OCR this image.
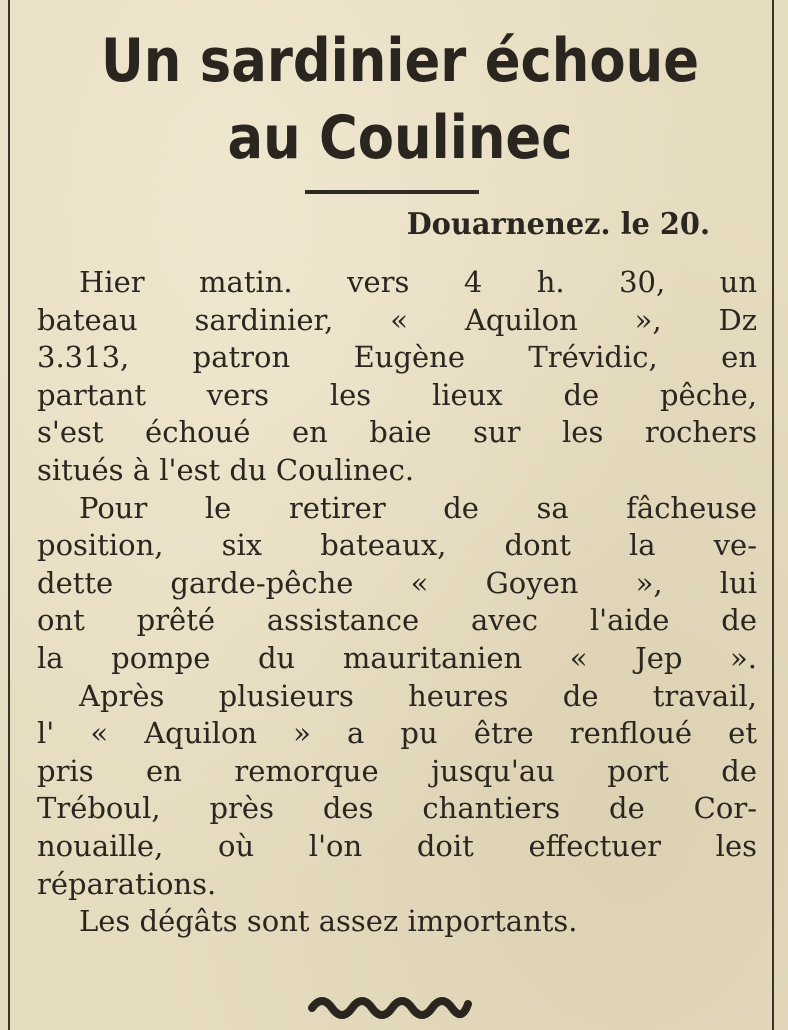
Un sardinier échoue
au Coulinec
Douarnenez. le 20.
Hier matin. vers 4 h. 30, un
bateau sardinier, « Aquilon », Dz
3.313, patron Eugène Trévidic, en
partant vers les lieux de pêche,
s'est échoué en baie sur les rochers
situés à l'est du Coulinec.
Pour le retirer de sa fâcheuse
position, six bateaux, dont la ve-
dette garde-pêche « Goyen », lui
ont prêté assistance avec l'aide de
la pompe du mauritanien « Jep ».
Après plusieurs heures de travail,
l' « Aquilon » a pu être renfloué et
pris en remorque jusqu'au port de
Tréboul, près des chantiers de Cor-
nouaille, où l'on doit effectuer les
réparations.
Les dégâts sont assez importants.
